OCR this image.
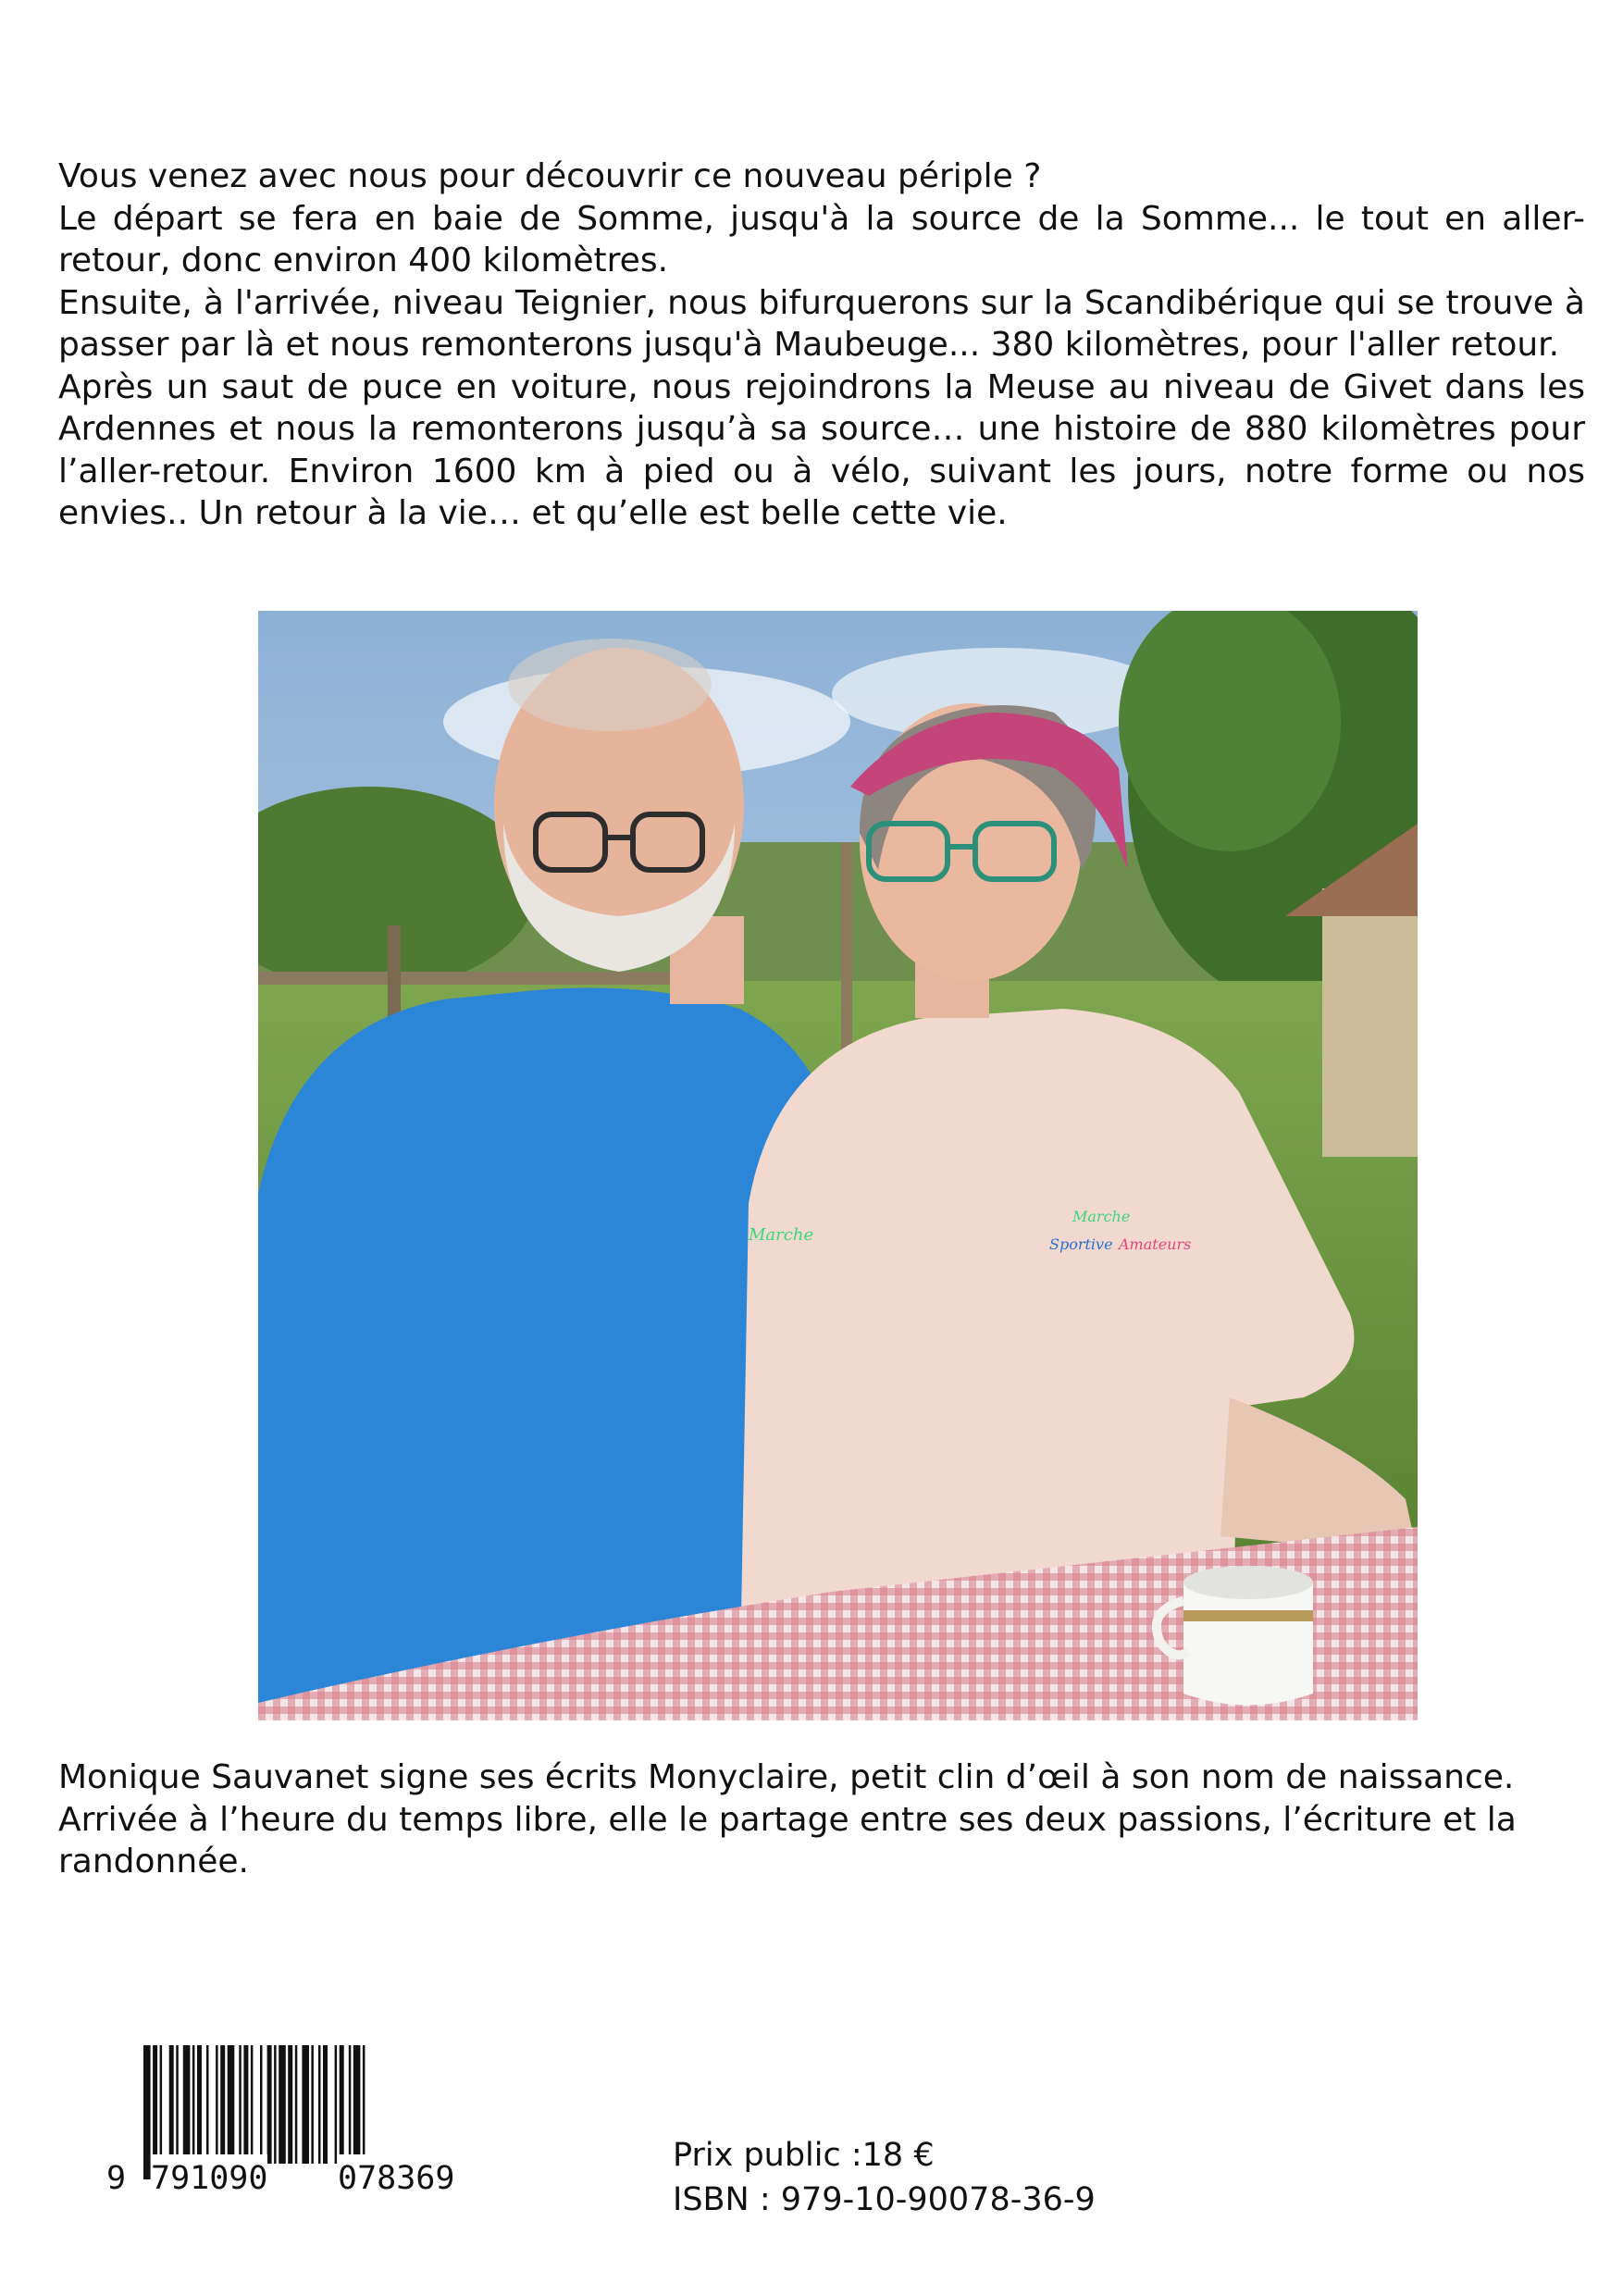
Vous venez avec nous pour découvrir ce nouveau périple ?

Le départ se fera en baie de Somme, jusqu'à la source de la Somme... le tout en aller-retour, donc environ 400 kilomètres.

Ensuite, à l'arrivée, niveau Teignier, nous bifurquerons sur la Scandibérique qui se trouve à passer par là et nous remonterons jusqu'à Maubeuge... 380 kilomètres, pour l'aller retour.

Après un saut de puce en voiture, nous rejoindrons la Meuse au niveau de Givet dans les Ardennes et nous la remonterons jusqu’à sa source… une histoire de 880 kilomètres pour l’aller-retour. Environ 1600 km à pied ou à vélo, suivant les jours, notre forme ou nos envies.. Un retour à la vie… et qu’elle est belle cette vie.

Marche
Marche
Sportive Amateurs

Monique Sauvanet signe ses écrits Monyclaire, petit clin d’œil à son nom de naissance.

Arrivée à l’heure du temps libre, elle le partage entre ses deux passions, l’écriture et la randonnée.

9 791090 078369
Prix public :18 €
ISBN : 979-10-90078-36-9
